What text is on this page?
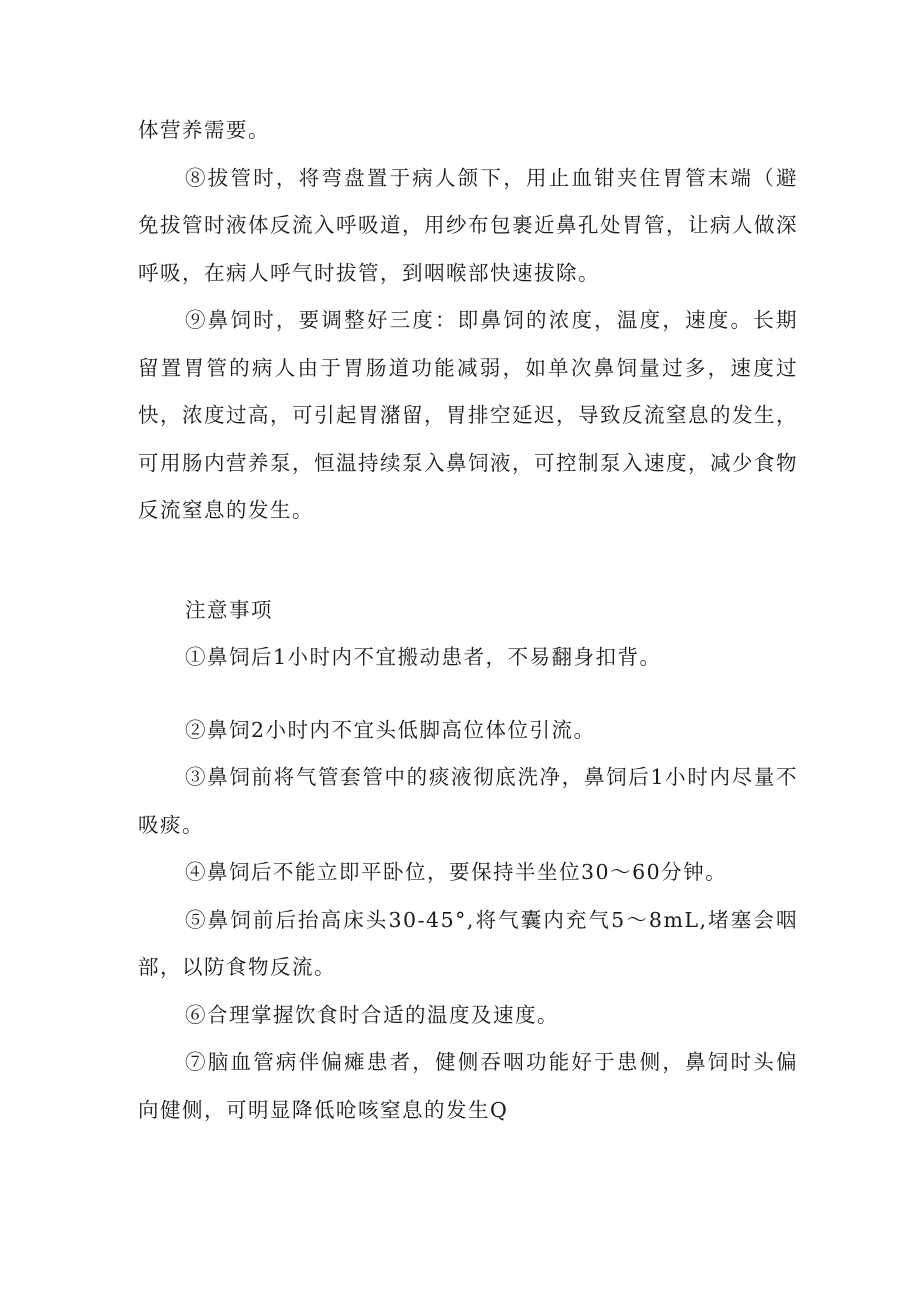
体营养需要。

⑧拔管时，将弯盘置于病人颌下，用止血钳夹住胃管末端（避免拔管时液体反流入呼吸道，用纱布包裹近鼻孔处胃管，让病人做深呼吸，在病人呼气时拔管，到咽喉部快速拔除。

⑨鼻饲时，要调整好三度：即鼻饲的浓度，温度，速度。长期留置胃管的病人由于胃肠道功能减弱，如单次鼻饲量过多，速度过快，浓度过高，可引起胃潴留，胃排空延迟，导致反流窒息的发生，可用肠内营养泵，恒温持续泵入鼻饲液，可控制泵入速度，减少食物反流窒息的发生。

注意事项

①鼻饲后1小时内不宜搬动患者，不易翻身扣背。

②鼻饲2小时内不宜头低脚高位体位引流。

③鼻饲前将气管套管中的痰液彻底洗净，鼻饲后1小时内尽量不吸痰。

④鼻饲后不能立即平卧位，要保持半坐位30～60分钟。

⑤鼻饲前后抬高床头30-45°,将气囊内充气5～8mL,堵塞会咽部，以防食物反流。

⑥合理掌握饮食时合适的温度及速度。

⑦脑血管病伴偏瘫患者，健侧吞咽功能好于患侧，鼻饲时头偏向健侧，可明显降低呛咳窒息的发生Q
